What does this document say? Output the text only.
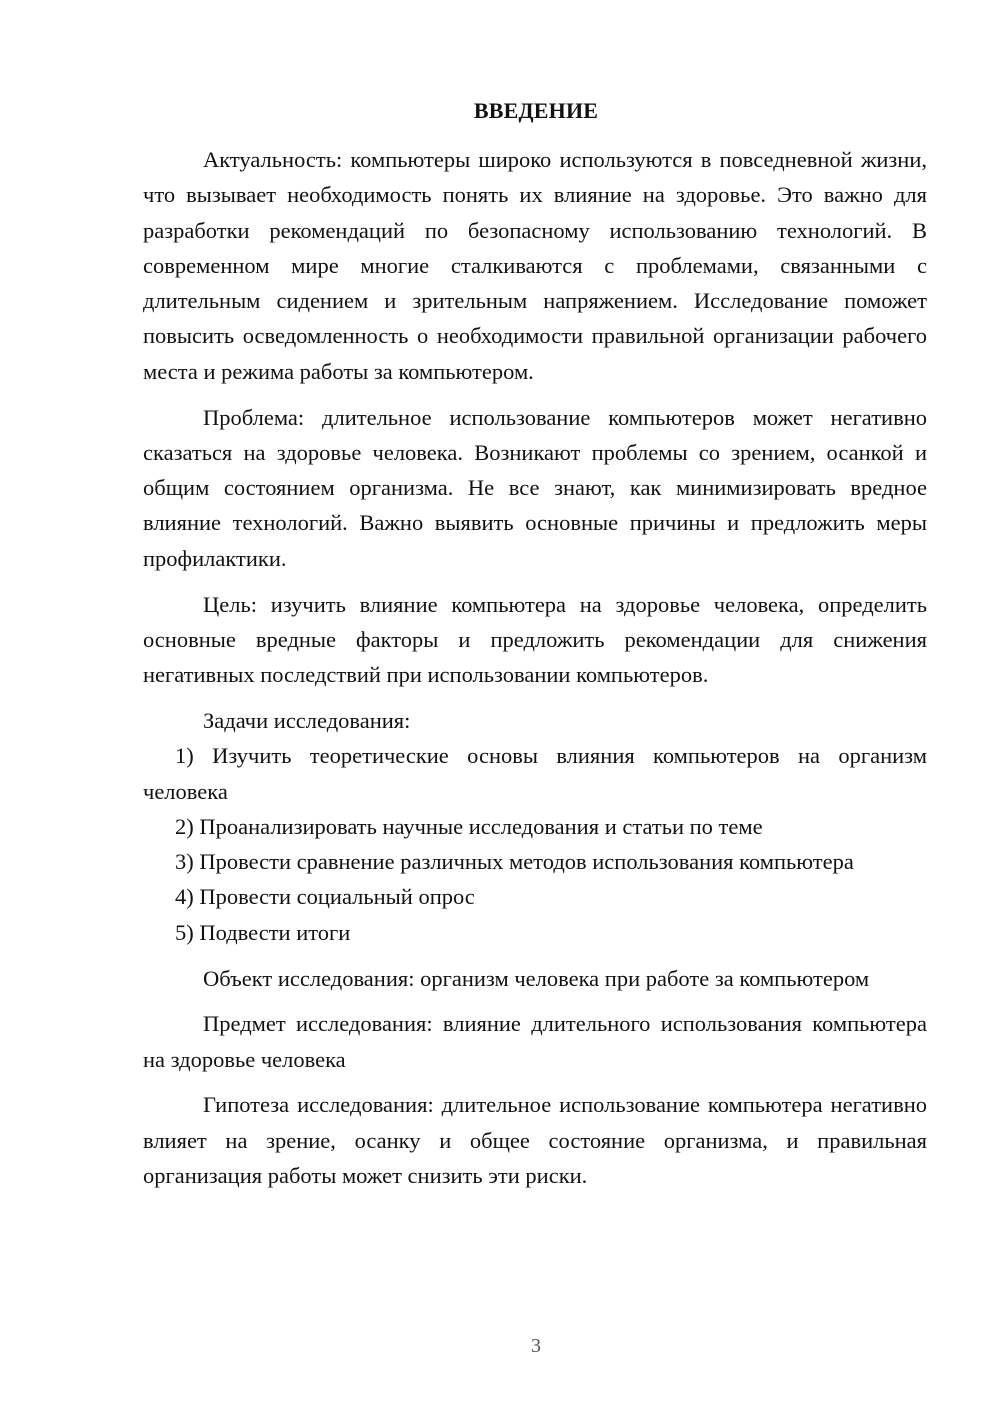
ВВЕДЕНИЕ

Актуальность: компьютеры широко используются в повседневной жизни, что вызывает необходимость понять их влияние на здоровье. Это важно для разработки рекомендаций по безопасному использованию технологий. В современном мире многие сталкиваются с проблемами, связанными с длительным сидением и зрительным напряжением. Исследование поможет повысить осведомленность о необходимости правильной организации рабочего места и режима работы за компьютером.

Проблема: длительное использование компьютеров может негативно сказаться на здоровье человека. Возникают проблемы со зрением, осанкой и общим состоянием организма. Не все знают, как минимизировать вредное влияние технологий. Важно выявить основные причины и предложить меры профилактики.

Цель: изучить влияние компьютера на здоровье человека, определить основные вредные факторы и предложить рекомендации для снижения негативных последствий при использовании компьютеров.

Задачи исследования:

1) Изучить теоретические основы влияния компьютеров на организм человека

2) Проанализировать научные исследования и статьи по теме

3) Провести сравнение различных методов использования компьютера

4) Провести социальный опрос

5) Подвести итоги

Объект исследования: организм человека при работе за компьютером

Предмет исследования: влияние длительного использования компьютера на здоровье человека

Гипотеза исследования: длительное использование компьютера негативно влияет на зрение, осанку и общее состояние организма, и правильная организация работы может снизить эти риски.

3
